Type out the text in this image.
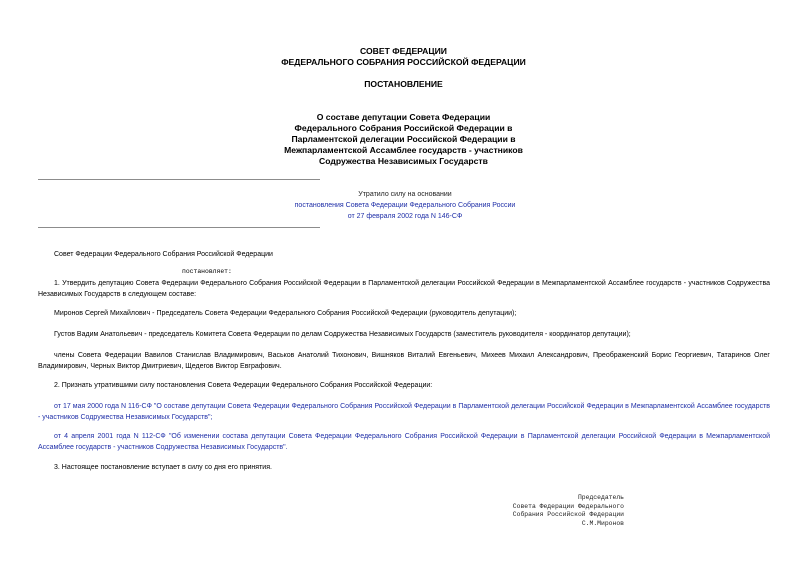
СОВЕТ ФЕДЕРАЦИИ
ФЕДЕРАЛЬНОГО СОБРАНИЯ РОССИЙСКОЙ ФЕДЕРАЦИИ
ПОСТАНОВЛЕНИЕ
О составе депутации Совета Федерации
Федерального Собрания Российской Федерации в
Парламентской делегации Российской Федерации в
Межпарламентской Ассамблее государств - участников
Содружества Независимых Государств
Утратило силу на основании
постановления Совета Федерации Федерального Собрания России
от 27 февраля 2002 года N 146-СФ
Совет Федерации Федерального Собрания Российской Федерации
постановляет:
1. Утвердить депутацию Совета Федерации Федерального Собрания Российской Федерации в Парламентской делегации Российской Федерации в Межпарламентской Ассамблее государств - участников Содружества Независимых Государств в следующем составе:
Миронов Сергей Михайлович - Председатель Совета Федерации Федерального Собрания Российской Федерации (руководитель депутации);
Густов Вадим Анатольевич - председатель Комитета Совета Федерации по делам Содружества Независимых Государств (заместитель руководителя - координатор депутации);
члены Совета Федерации Вавилов Станислав Владимирович, Васьков Анатолий Тихонович, Вишняков Виталий Евгеньевич, Михеев Михаил Александрович, Преображенский Борис Георгиевич, Татаринов Олег Владимирович, Черных Виктор Дмитриевич, Щедегов Виктор Евграфович.
2. Признать утратившими силу постановления Совета Федерации Федерального Собрания Российской Федерации:
от 17 мая 2000 года N 116-СФ "О составе депутации Совета Федерации Федерального Собрания Российской Федерации в Парламентской делегации Российской Федерации в Межпарламентской Ассамблее государств - участников Содружества Независимых Государств";
от 4 апреля 2001 года N 112-СФ "Об изменении состава депутации Совета Федерации Федерального Собрания Российской Федерации в Парламентской делегации Российской Федерации в Межпарламентской Ассамблее государств - участников Содружества Независимых Государств".
3. Настоящее постановление вступает в силу со дня его принятия.
Председатель
Совета Федерации Федерального
Собрания Российской Федерации
С.М.Миронов
